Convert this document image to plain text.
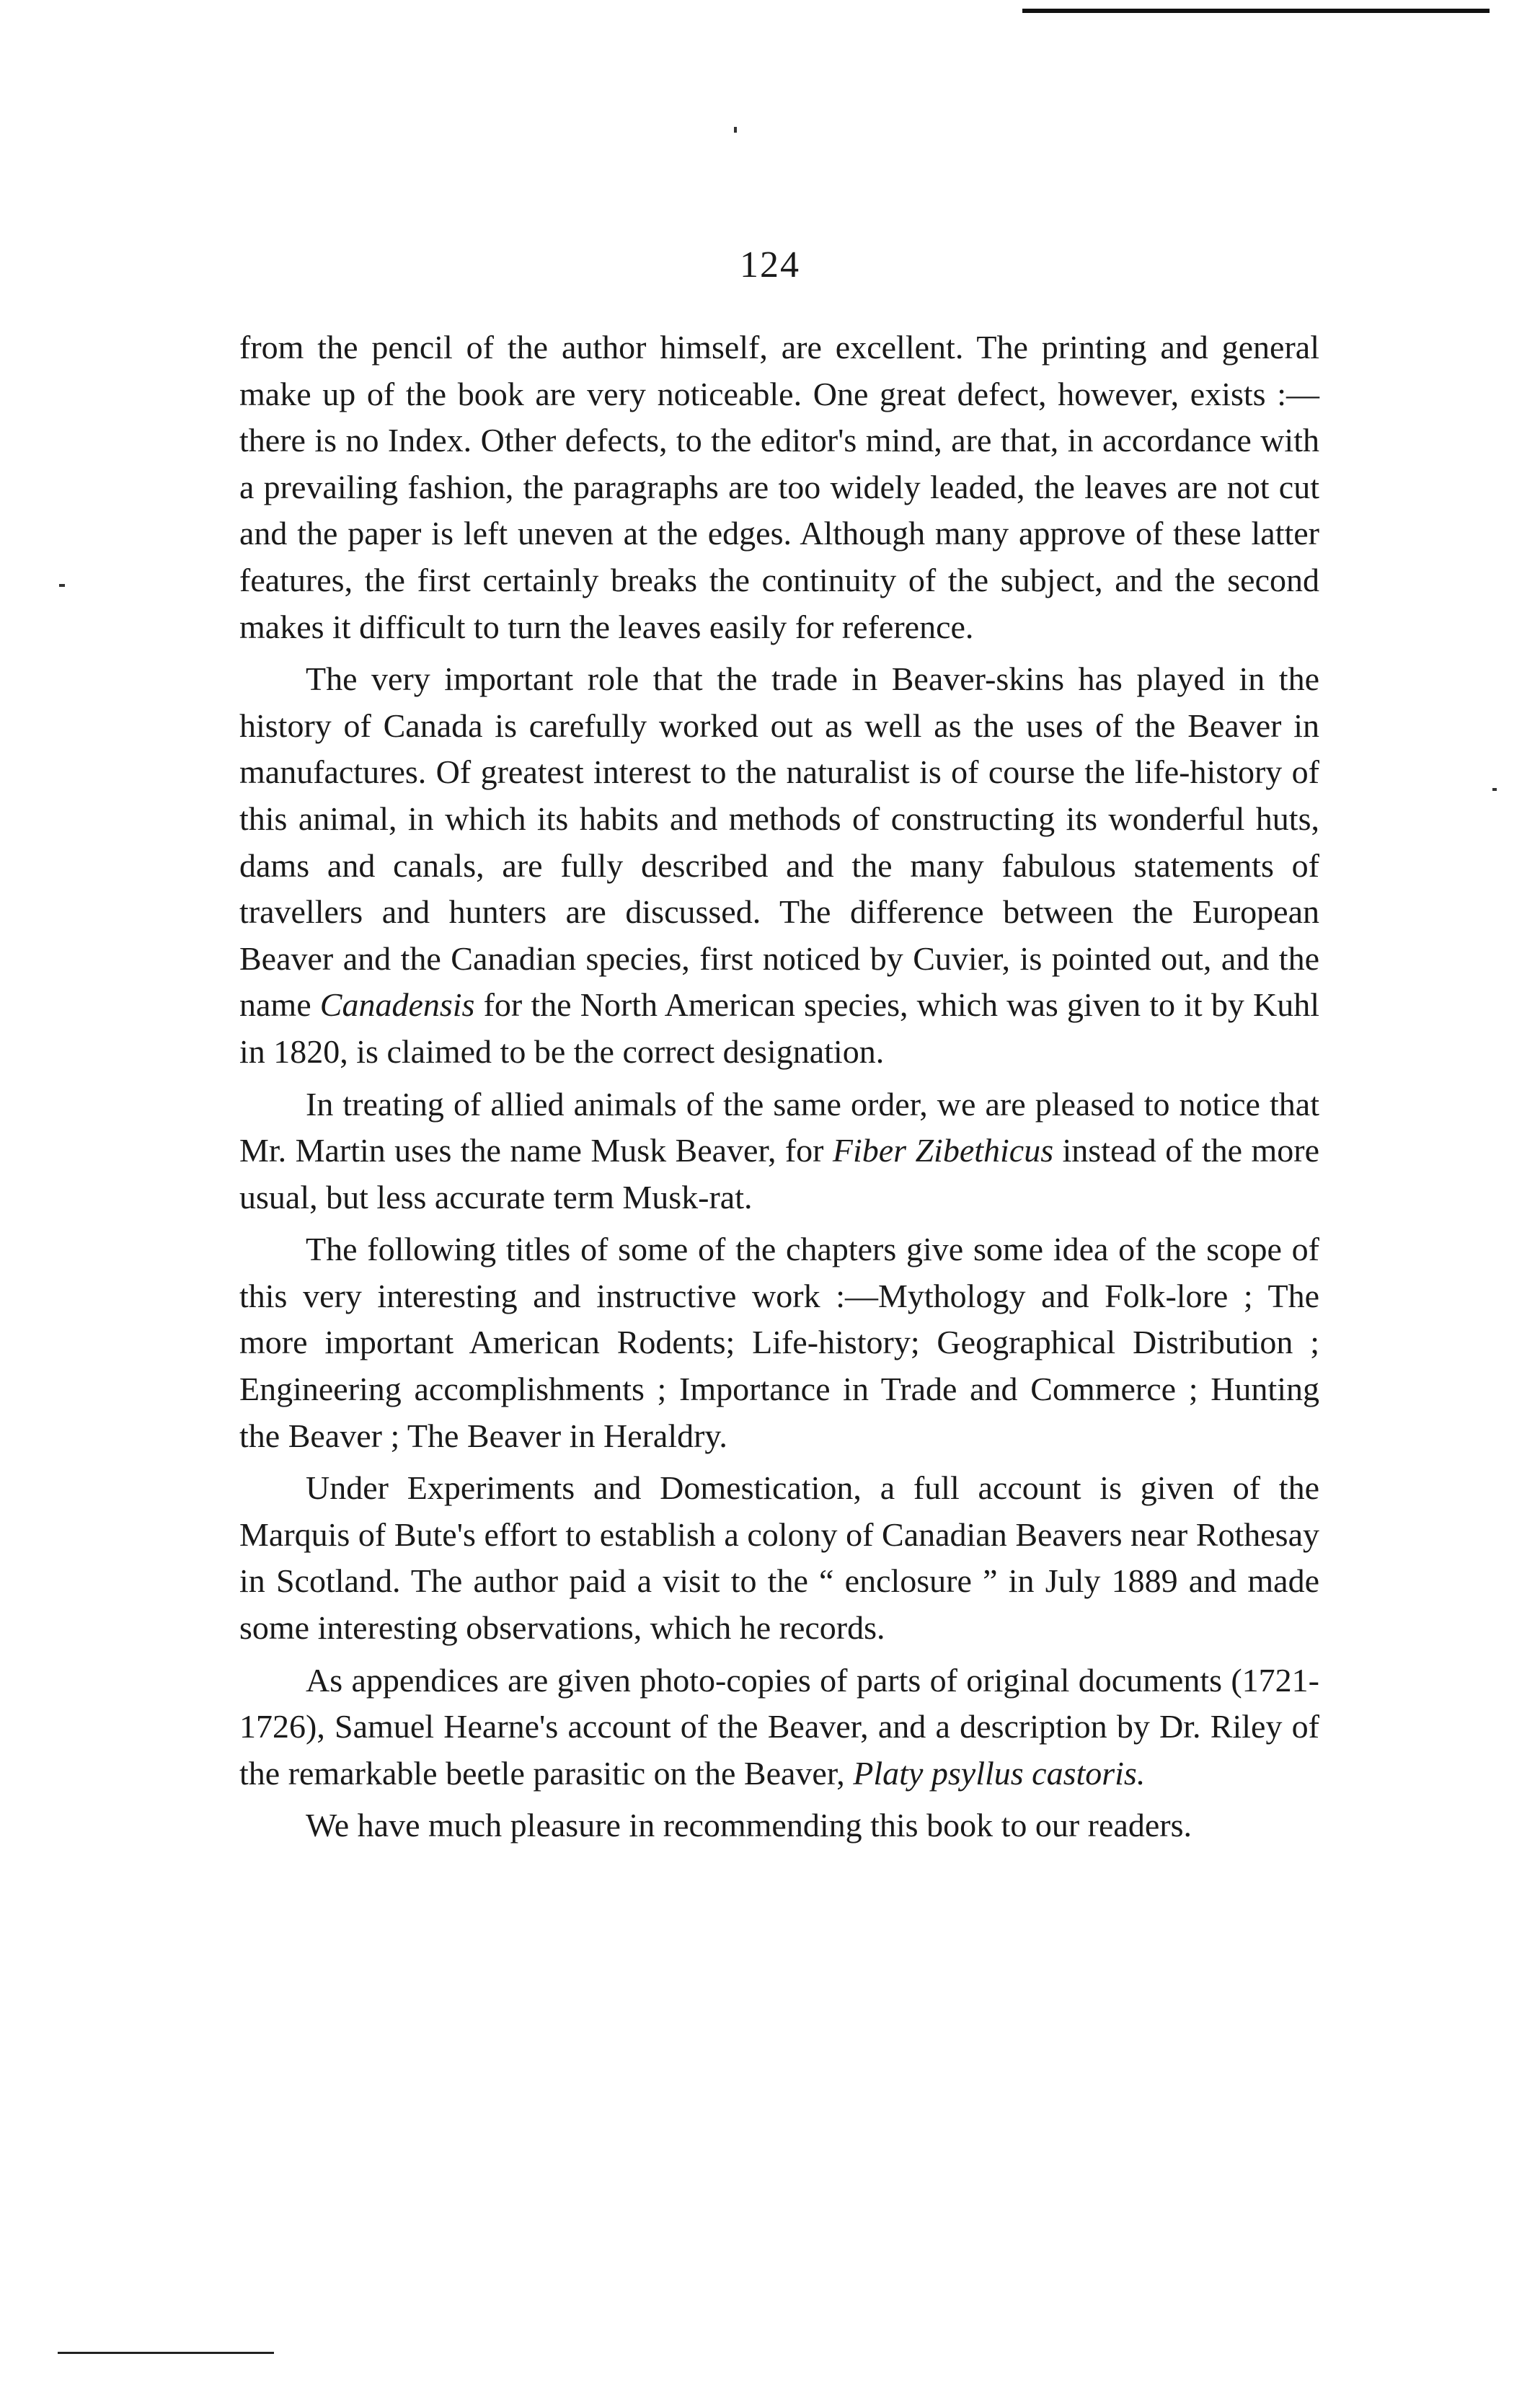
124

from the pencil of the author himself, are excellent. The printing and general make up of the book are very noticeable. One great defect, however, exists :—there is no Index. Other defects, to the editor's mind, are that, in accordance with a prevailing fashion, the paragraphs are too widely leaded, the leaves are not cut and the paper is left uneven at the edges. Although many approve of these latter features, the first certainly breaks the continuity of the subject, and the second makes it difficult to turn the leaves easily for reference.

The very important role that the trade in Beaver-skins has played in the history of Canada is carefully worked out as well as the uses of the Beaver in manufactures. Of greatest interest to the naturalist is of course the life-history of this animal, in which its habits and methods of constructing its wonderful huts, dams and canals, are fully described and the many fabulous statements of travellers and hunters are discussed. The difference between the European Beaver and the Canadian species, first noticed by Cuvier, is pointed out, and the name Canadensis for the North American species, which was given to it by Kuhl in 1820, is claimed to be the correct designation.

In treating of allied animals of the same order, we are pleased to notice that Mr. Martin uses the name Musk Beaver, for Fiber Zibethicus instead of the more usual, but less accurate term Musk-rat.

The following titles of some of the chapters give some idea of the scope of this very interesting and instructive work :—Mythology and Folk-lore ; The more important American Rodents; Life-history; Geographical Distribution ; Engineering accomplishments ; Importance in Trade and Commerce ; Hunting the Beaver ; The Beaver in Heraldry.

Under Experiments and Domestication, a full account is given of the Marquis of Bute's effort to establish a colony of Canadian Beavers near Rothesay in Scotland. The author paid a visit to the “ enclosure ” in July 1889 and made some interesting observations, which he records.

As appendices are given photo-copies of parts of original documents (1721-1726), Samuel Hearne's account of the Beaver, and a description by Dr. Riley of the remarkable beetle parasitic on the Beaver, Platy psyllus castoris.

We have much pleasure in recommending this book to our readers.
